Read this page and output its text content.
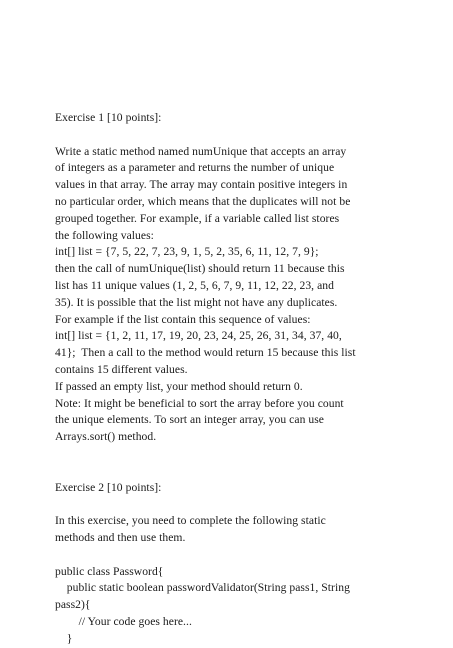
Exercise 1 [10 points]:
Write a static method named numUnique that accepts an array
of integers as a parameter and returns the number of unique
values in that array. The array may contain positive integers in
no particular order, which means that the duplicates will not be
grouped together. For example, if a variable called list stores
the following values:
int[] list = {7, 5, 22, 7, 23, 9, 1, 5, 2, 35, 6, 11, 12, 7, 9};
then the call of numUnique(list) should return 11 because this
list has 11 unique values (1, 2, 5, 6, 7, 9, 11, 12, 22, 23, and
35). It is possible that the list might not have any duplicates.
For example if the list contain this sequence of values:
int[] list = {1, 2, 11, 17, 19, 20, 23, 24, 25, 26, 31, 34, 37, 40,
41};  Then a call to the method would return 15 because this list
contains 15 different values.
If passed an empty list, your method should return 0.
Note: It might be beneficial to sort the array before you count
the unique elements. To sort an integer array, you can use
Arrays.sort() method.
Exercise 2 [10 points]:
In this exercise, you need to complete the following static
methods and then use them.
public class Password{
public static boolean passwordValidator(String pass1, String
pass2){
// Your code goes here...
}
